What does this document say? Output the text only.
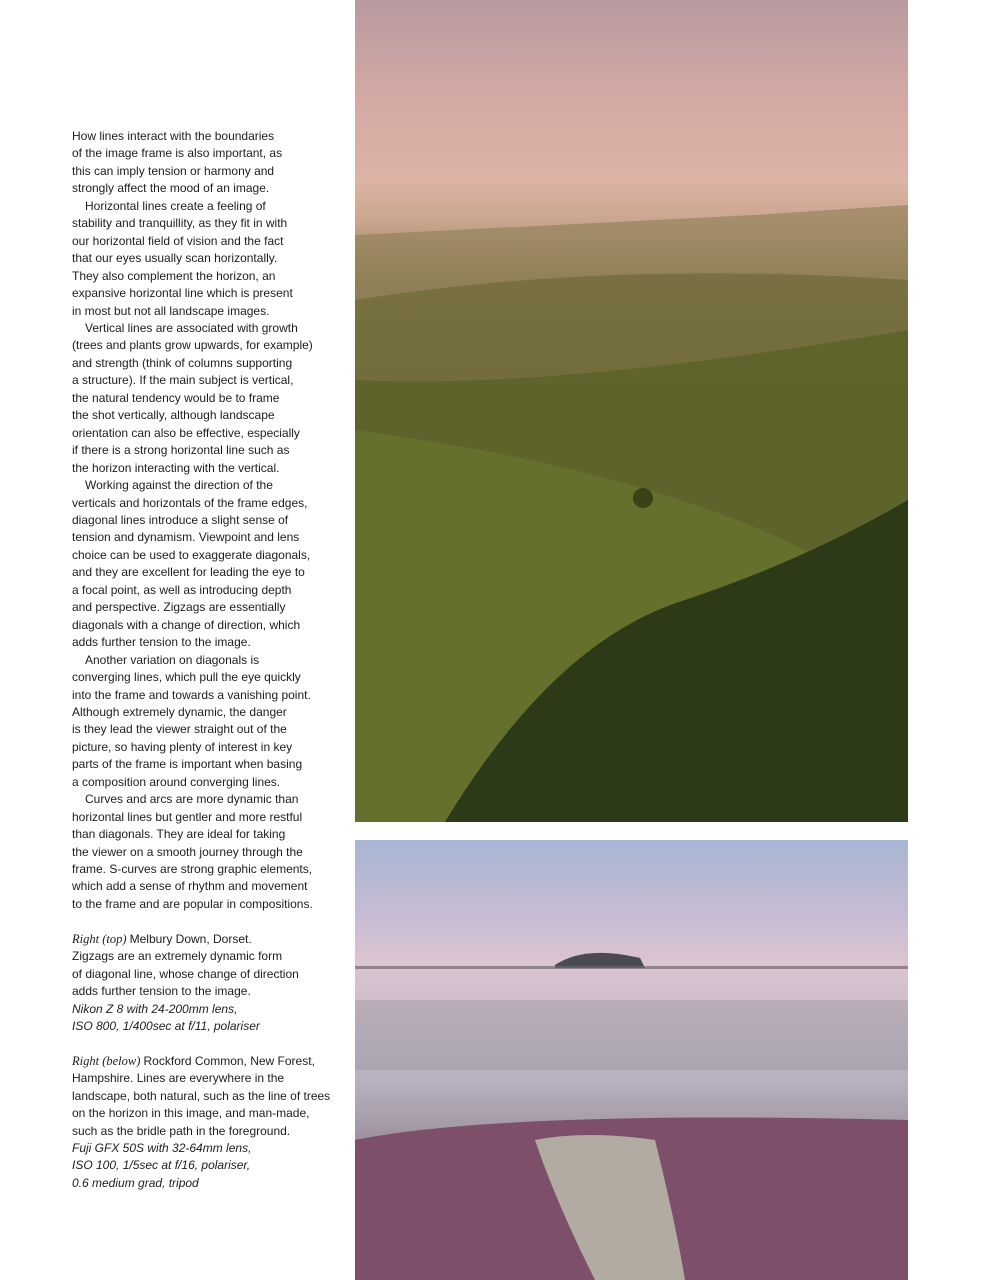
How lines interact with the boundaries
of the image frame is also important, as
this can imply tension or harmony and
strongly affect the mood of an image.
Horizontal lines create a feeling of
stability and tranquillity, as they fit in with
our horizontal field of vision and the fact
that our eyes usually scan horizontally.
They also complement the horizon, an
expansive horizontal line which is present
in most but not all landscape images.
Vertical lines are associated with growth
(trees and plants grow upwards, for example)
and strength (think of columns supporting
a structure). If the main subject is vertical,
the natural tendency would be to frame
the shot vertically, although landscape
orientation can also be effective, especially
if there is a strong horizontal line such as
the horizon interacting with the vertical.
Working against the direction of the
verticals and horizontals of the frame edges,
diagonal lines introduce a slight sense of
tension and dynamism. Viewpoint and lens
choice can be used to exaggerate diagonals,
and they are excellent for leading the eye to
a focal point, as well as introducing depth
and perspective. Zigzags are essentially
diagonals with a change of direction, which
adds further tension to the image.
Another variation on diagonals is
converging lines, which pull the eye quickly
into the frame and towards a vanishing point.
Although extremely dynamic, the danger
is they lead the viewer straight out of the
picture, so having plenty of interest in key
parts of the frame is important when basing
a composition around converging lines.
Curves and arcs are more dynamic than
horizontal lines but gentler and more restful
than diagonals. They are ideal for taking
the viewer on a smooth journey through the
frame. S-curves are strong graphic elements,
which add a sense of rhythm and movement
to the frame and are popular in compositions.
Right (top) Melbury Down, Dorset.
Zigzags are an extremely dynamic form
of diagonal line, whose change of direction
adds further tension to the image.
Nikon Z 8 with 24-200mm lens,
ISO 800, 1/400sec at f/11, polariser
Right (below) Rockford Common, New Forest,
Hampshire. Lines are everywhere in the
landscape, both natural, such as the line of trees
on the horizon in this image, and man-made,
such as the bridle path in the foreground.
Fuji GFX 50S with 32-64mm lens,
ISO 100, 1/5sec at f/16, polariser,
0.6 medium grad, tripod
